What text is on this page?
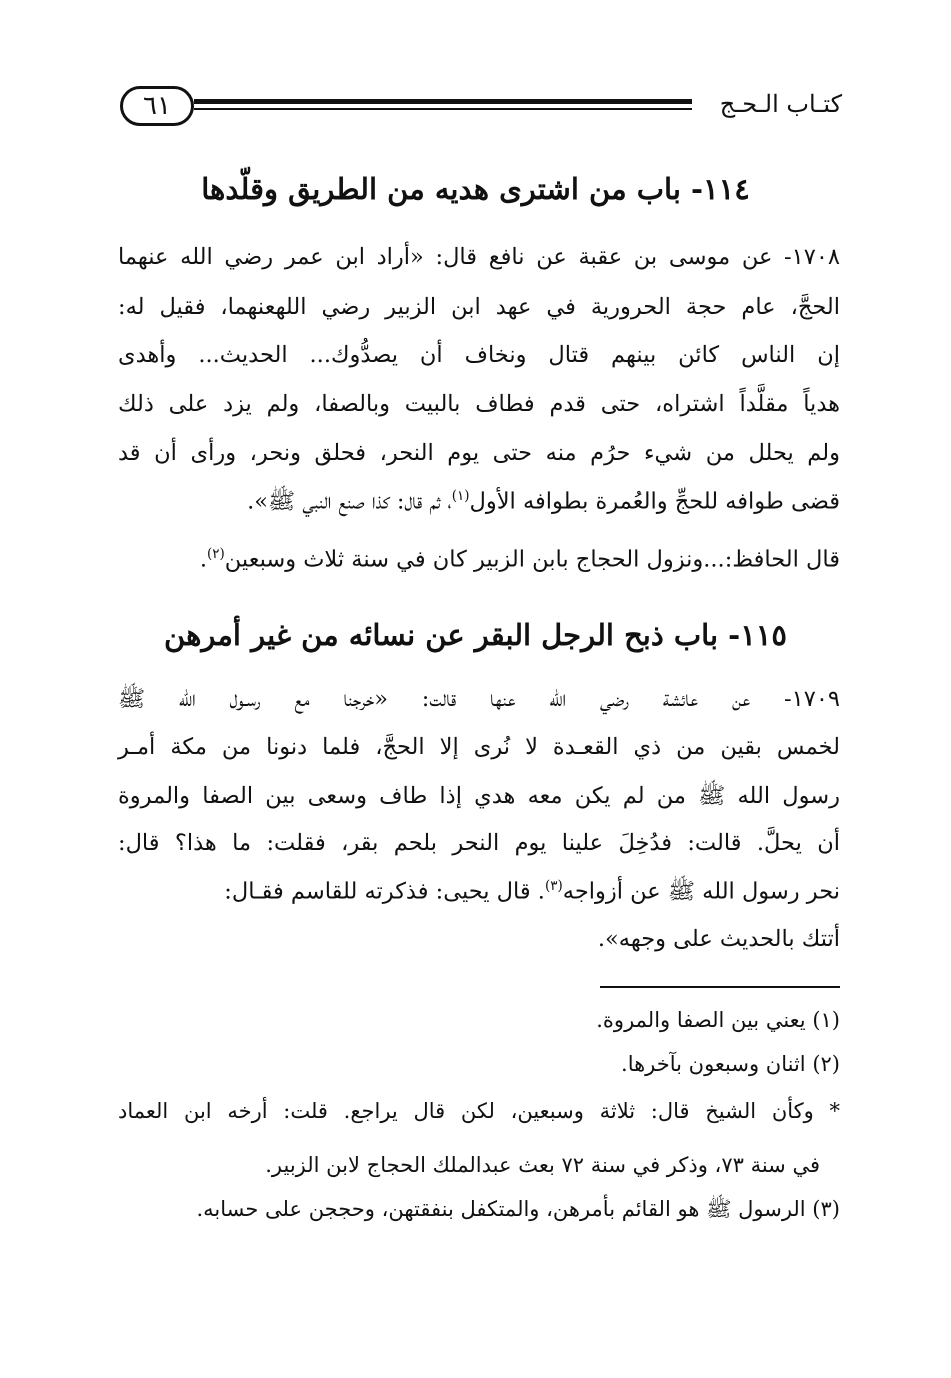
٦١	كتـاب الـحـج
١١٤- باب من اشترى هديه من الطريق وقلّدها
١٧٠٨- عن موسى بن عقبة عن نافع قال: «أراد ابن عمر رضي الله عنهما
الحجَّ، عام حجة الحرورية في عهد ابن الزبير رضي اللهعنهما، فقيل له:
إن الناس كائن بينهم قتال ونخاف أن يصدُّوك... الحديث... وأهدى
هدياً مقلَّداً اشتراه، حتى قدم فطاف بالبيت وبالصفا، ولم يزد على ذلك
ولم يحلل من شيء حرُم منه حتى يوم النحر، فحلق ونحر، ورأى أن قد
قضى طوافه للحجِّ والعُمرة بطوافه الأول$^{(١)}$، ثم قال: كذا صنع النبي ﷺ».
قال الحافظ:...ونزول الحجاج بابن الزبير كان في سنة ثلاث وسبعين$^{(٢)}$.
١١٥- باب ذبح الرجل البقر عن نسائه من غير أمرهن
١٧٠٩- عن عائشة رضي الله عنها قالت: «خرجنا مع رسـول الله ﷺ
لخمس بقين من ذي القعـدة لا نُرى إلا الحجَّ، فلما دنونا من مكة أمـر
رسول الله ﷺ من لم يكن معه هدي إذا طاف وسعى بين الصفا والمروة
أن يحلَّ. قالت: فدُخِلَ علينا يوم النحر بلحم بقر، فقلت: ما هذا؟ قال:
نحر رسول الله ﷺ عن أزواجه$^{(٣)}$. قال يحيى: فذكرته للقاسم فقـال:
أتتك بالحديث على وجهه».
(١) يعني بين الصفا والمروة.
(٢) اثنان وسبعون بآخرها.
* وكأن الشيخ قال: ثلاثة وسبعين، لكن قال يراجع. قلت: أرخه ابن العماد
في سنة ٧٣، وذكر في سنة ٧٢ بعث عبدالملك الحجاج لابن الزبير.
(٣) الرسول ﷺ هو القائم بأمرهن، والمتكفل بنفقتهن، وحججن على حسابه.
